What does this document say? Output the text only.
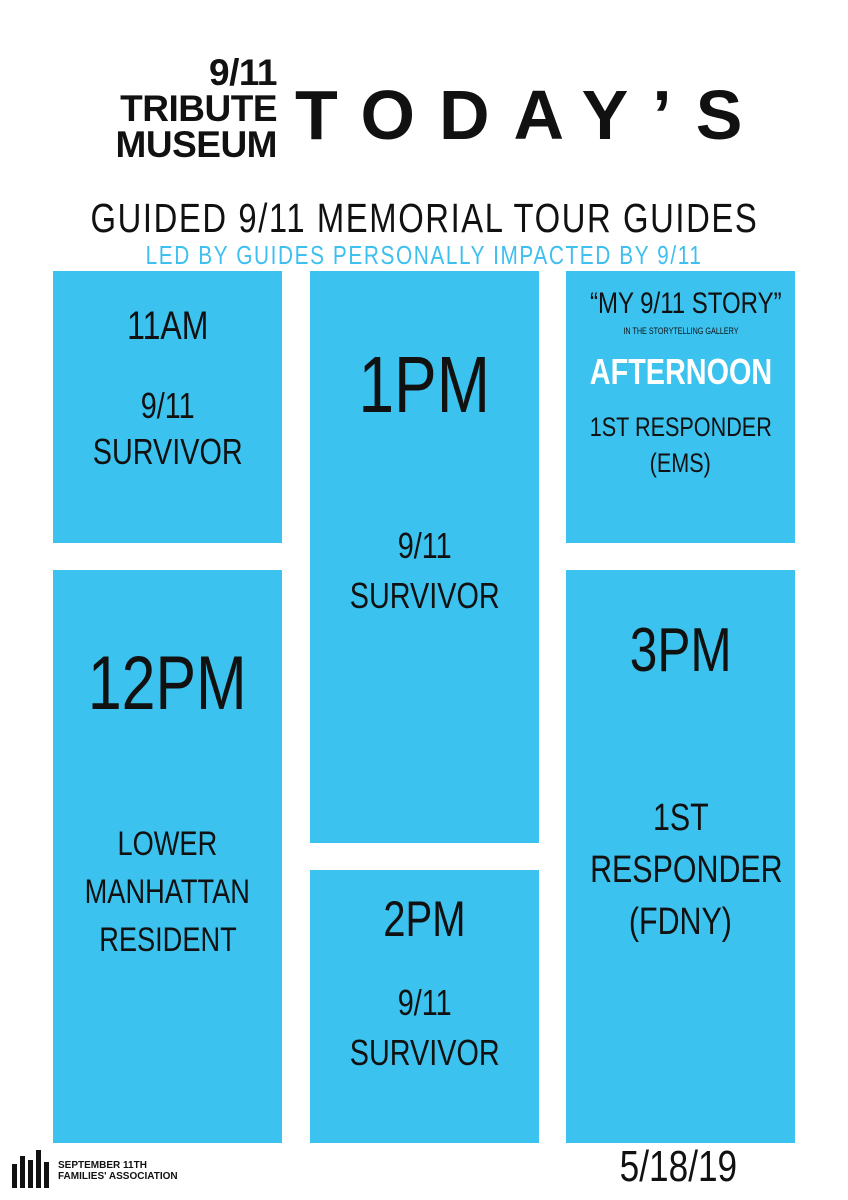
9/11
TRIBUTE
MUSEUM TODAY’S
GUIDED 9/11 MEMORIAL TOUR GUIDES
LED BY GUIDES PERSONALLY IMPACTED BY 9/11
11AM
9/11
SURVIVOR
12PM
LOWER
MANHATTAN
RESIDENT
1PM
9/11
SURVIVOR
2PM
9/11
SURVIVOR
“MY 9/11 STORY”
IN THE STORYTELLING GALLERY
AFTERNOON
1ST RESPONDER
(EMS)
3PM
1ST
RESPONDER
(FDNY)
SEPTEMBER 11TH
FAMILIES' ASSOCIATION	5/18/19
